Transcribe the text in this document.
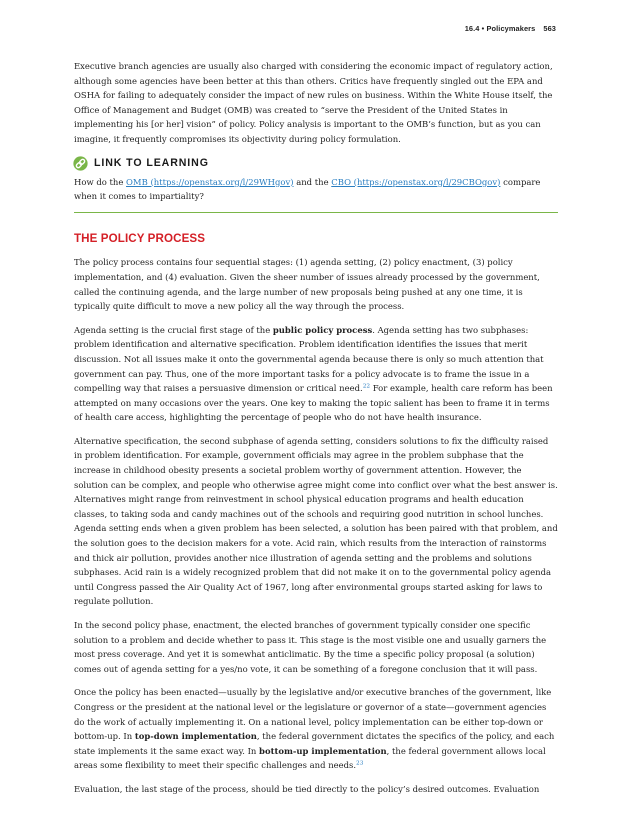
16.4 • Policymakers 563

Executive branch agencies are usually also charged with considering the economic impact of regulatory action, although some agencies have been better at this than others. Critics have frequently singled out the EPA and OSHA for failing to adequately consider the impact of new rules on business. Within the White House itself, the Office of Management and Budget (OMB) was created to “serve the President of the United States in implementing his [or her] vision” of policy. Policy analysis is important to the OMB’s function, but as you can imagine, it frequently compromises its objectivity during policy formulation.

LINK TO LEARNING

How do the OMB (https://openstax.org/l/29WHgov) and the CBO (https://openstax.org/l/29CBOgov) compare when it comes to impartiality?

THE POLICY PROCESS

The policy process contains four sequential stages: (1) agenda setting, (2) policy enactment, (3) policy implementation, and (4) evaluation. Given the sheer number of issues already processed by the government, called the continuing agenda, and the large number of new proposals being pushed at any one time, it is typically quite difficult to move a new policy all the way through the process.

Agenda setting is the crucial first stage of the public policy process. Agenda setting has two subphases: problem identification and alternative specification. Problem identification identifies the issues that merit discussion. Not all issues make it onto the governmental agenda because there is only so much attention that government can pay. Thus, one of the more important tasks for a policy advocate is to frame the issue in a compelling way that raises a persuasive dimension or critical need.$^{22}$ For example, health care reform has been attempted on many occasions over the years. One key to making the topic salient has been to frame it in terms of health care access, highlighting the percentage of people who do not have health insurance.

Alternative specification, the second subphase of agenda setting, considers solutions to fix the difficulty raised in problem identification. For example, government officials may agree in the problem subphase that the increase in childhood obesity presents a societal problem worthy of government attention. However, the solution can be complex, and people who otherwise agree might come into conflict over what the best answer is. Alternatives might range from reinvestment in school physical education programs and health education classes, to taking soda and candy machines out of the schools and requiring good nutrition in school lunches. Agenda setting ends when a given problem has been selected, a solution has been paired with that problem, and the solution goes to the decision makers for a vote. Acid rain, which results from the interaction of rainstorms and thick air pollution, provides another nice illustration of agenda setting and the problems and solutions subphases. Acid rain is a widely recognized problem that did not make it on to the governmental policy agenda until Congress passed the Air Quality Act of 1967, long after environmental groups started asking for laws to regulate pollution.

In the second policy phase, enactment, the elected branches of government typically consider one specific solution to a problem and decide whether to pass it. This stage is the most visible one and usually garners the most press coverage. And yet it is somewhat anticlimatic. By the time a specific policy proposal (a solution) comes out of agenda setting for a yes/no vote, it can be something of a foregone conclusion that it will pass.

Once the policy has been enacted—usually by the legislative and/or executive branches of the government, like Congress or the president at the national level or the legislature or governor of a state—government agencies do the work of actually implementing it. On a national level, policy implementation can be either top-down or bottom-up. In top-down implementation, the federal government dictates the specifics of the policy, and each state implements it the same exact way. In bottom-up implementation, the federal government allows local areas some flexibility to meet their specific challenges and needs.$^{23}$

Evaluation, the last stage of the process, should be tied directly to the policy’s desired outcomes. Evaluation
